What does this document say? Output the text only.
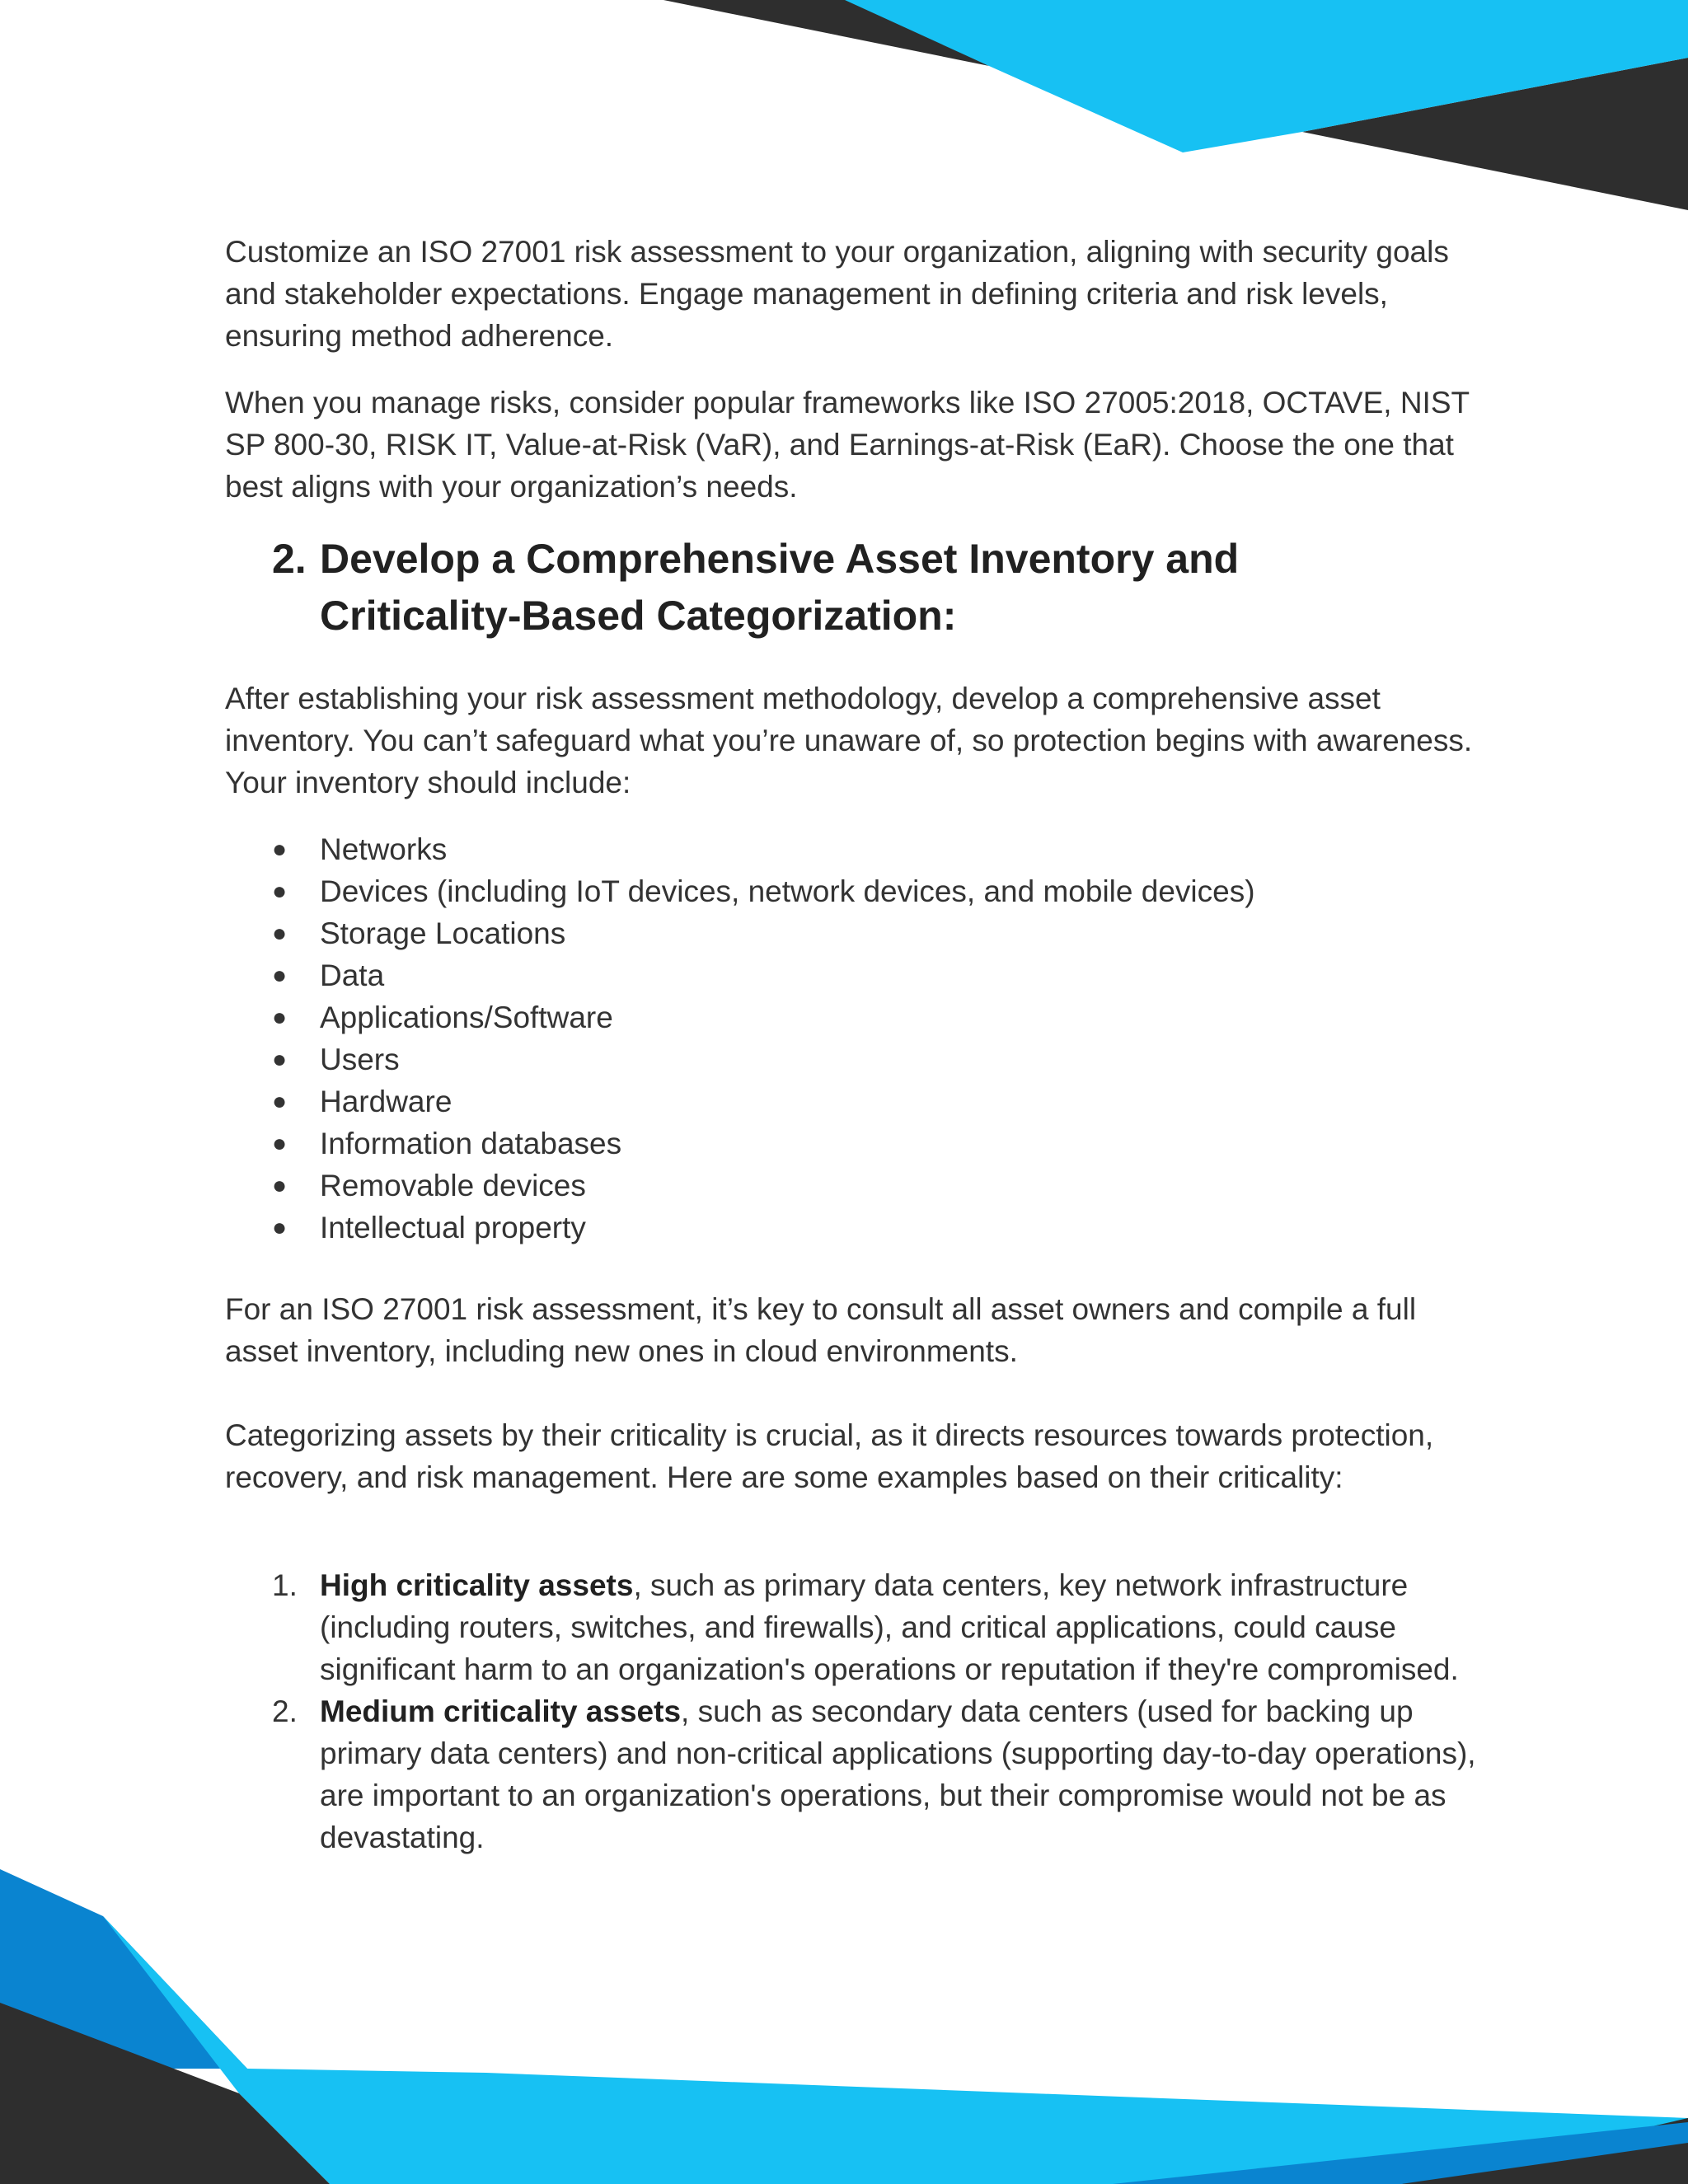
Customize an ISO 27001 risk assessment to your organization, aligning with security goals and stakeholder expectations. Engage management in defining criteria and risk levels, ensuring method adherence.

When you manage risks, consider popular frameworks like ISO 27005:2018, OCTAVE, NIST SP 800-30, RISK IT, Value-at-Risk (VaR), and Earnings-at-Risk (EaR). Choose the one that best aligns with your organization’s needs.

2. Develop a Comprehensive Asset Inventory and Criticality-Based Categorization:

After establishing your risk assessment methodology, develop a comprehensive asset inventory. You can’t safeguard what you’re unaware of, so protection begins with awareness. Your inventory should include:

●	Networks
●	Devices (including IoT devices, network devices, and mobile devices)
●	Storage Locations
●	Data
●	Applications/Software
●	Users
●	Hardware
●	Information databases
●	Removable devices
●	Intellectual property

For an ISO 27001 risk assessment, it’s key to consult all asset owners and compile a full asset inventory, including new ones in cloud environments.

Categorizing assets by their criticality is crucial, as it directs resources towards protection, recovery, and risk management. Here are some examples based on their criticality:

1. High criticality assets, such as primary data centers, key network infrastructure (including routers, switches, and firewalls), and critical applications, could cause significant harm to an organization's operations or reputation if they're compromised.
2. Medium criticality assets, such as secondary data centers (used for backing up primary data centers) and non-critical applications (supporting day-to-day operations), are important to an organization's operations, but their compromise would not be as devastating.
